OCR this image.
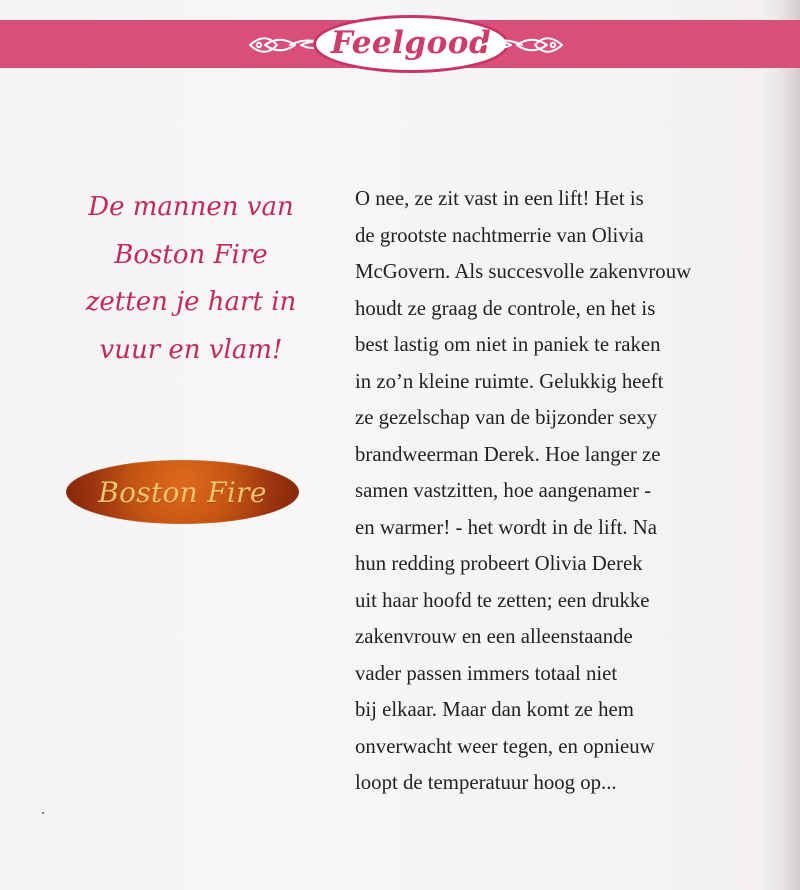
Feelgood
De mannen van
Boston Fire
zetten je hart in
vuur en vlam!
Boston Fire
O nee, ze zit vast in een lift! Het is
de grootste nachtmerrie van Olivia
McGovern. Als succesvolle zakenvrouw
houdt ze graag de controle, en het is
best lastig om niet in paniek te raken
in zo’n kleine ruimte. Gelukkig heeft
ze gezelschap van de bijzonder sexy
brandweerman Derek. Hoe langer ze
samen vastzitten, hoe aangenamer -
en warmer! - het wordt in de lift. Na
hun redding probeert Olivia Derek
uit haar hoofd te zetten; een drukke
zakenvrouw en een alleenstaande
vader passen immers totaal niet
bij elkaar. Maar dan komt ze hem
onverwacht weer tegen, en opnieuw
loopt de temperatuur hoog op...
